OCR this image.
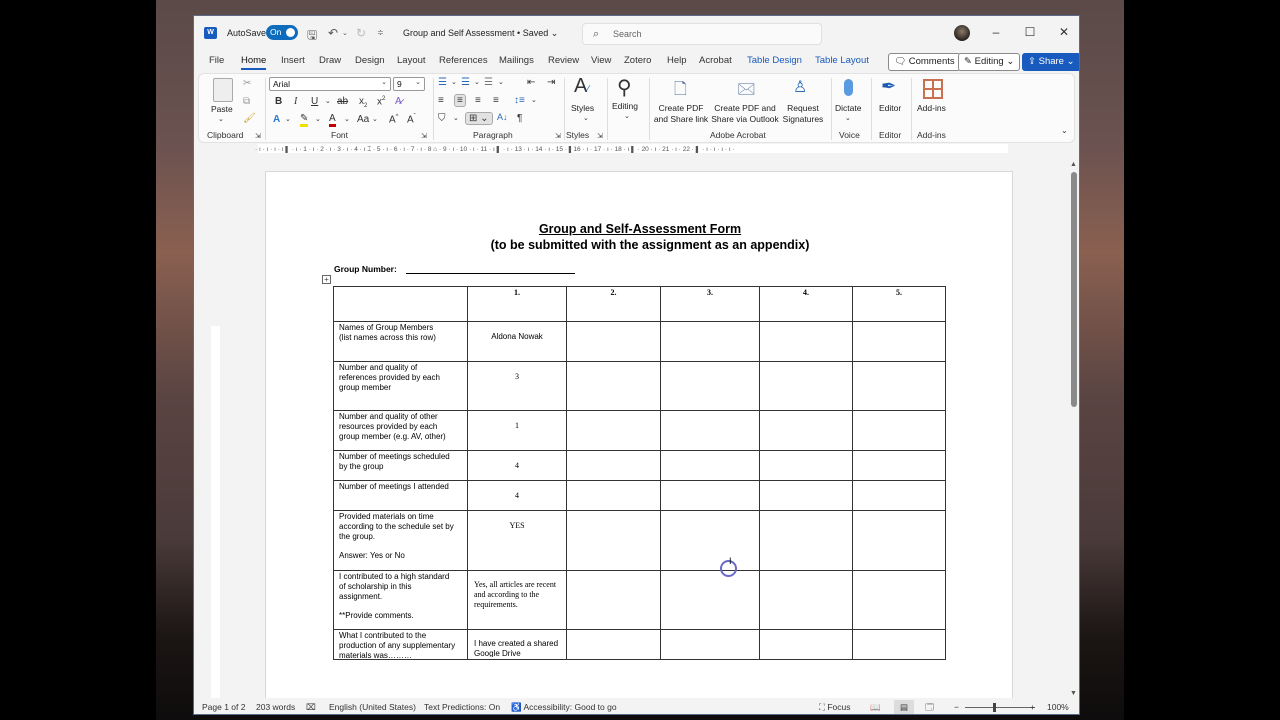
W	AutoSave On 🖫 ↶ ⌄ ↻ ≑ Group and Self Assessment • Saved ⌄	⌕ Search	–	☐	✕
File Home Insert Draw Design Layout References Mailings Review View Zotero Help Acrobat Table Design Table Layout	🗨 Comments ✎ Editing ⌄	⇪ Share ⌄
Paste
⌄
✂
⧉
🖌
Clipboard ⇲
Arial	⌄	9 ⌄
B I U ⌄ ab $x_2$ $x^2$ A̷
A ⌄ ✎ ⌄ A ⌄ Aa ⌄ A^ $A^ˇ$
Font	⇲
☰ ⌄ ☰ ⌄ ☰ ⌄ ⇤ ⇥
≡	≡	≡ ≡ ↕≡ ⌄
⛉ ⌄	⊞ ⌄ A↓ ¶
Paragraph	⇲
A∕
Styles
⌄
Styles ⇲
⚲
Editing
⌄
🗋
Create PDF
and Share link
🖂
Create PDF and
Share via Outlook
♙
Request
Signatures
Adobe Acrobat
Dictate
⌄
Voice
✒
Editor
Editor
Add-ins
Add-ins	⌄
· ı · ı · ı · ı ▌ · ı · 1 · ı · 2 · ı · 3 · ı · 4 · ı ⌶ · 5 · ı · 6 · ı · 7 · ı · 8 ⌂ · 9 · ı · 10 · ı · 11 · ı ▌ · ı · 13 · ı · 14 · ı · 15 · ▌16 · ı · 17 · ı · 18 · ı ▌ · 20 · ı · 21 · ı · 22 · ▌ · ı · ı · ı · ı ·
Group and Self-Assessment Form
(to be submitted with the assignment as an appendix)
Group Number:
+
	1.	2.	3.	4.	5.

Names of Group Members
(list names across this row)	Aldona Nowak				

Number and quality of
references provided by each
group member	3				

Number and quality of other
resources provided by each
group member (e.g. AV, other)	1				

Number of meetings scheduled
by the group	4				

Number of meetings I attended	4				

Provided materials on time
according to the schedule set by
the group.
Answer: Yes or No	YES				

I contributed to a high standard
of scholarship in this
assignment.
**Provide comments.	Yes, all articles are recent and according to the requirements.				

What I contributed to the
production of any supplementary
materials was………	I have created a shared Google Drive				

I
▲
▼
Page 1 of 2 203 words ⌧ English (United States) Text Predictions: On ♿ Accessibility: Good to go	⛶ Focus 📖	▤	🗔 −	+ 100%
